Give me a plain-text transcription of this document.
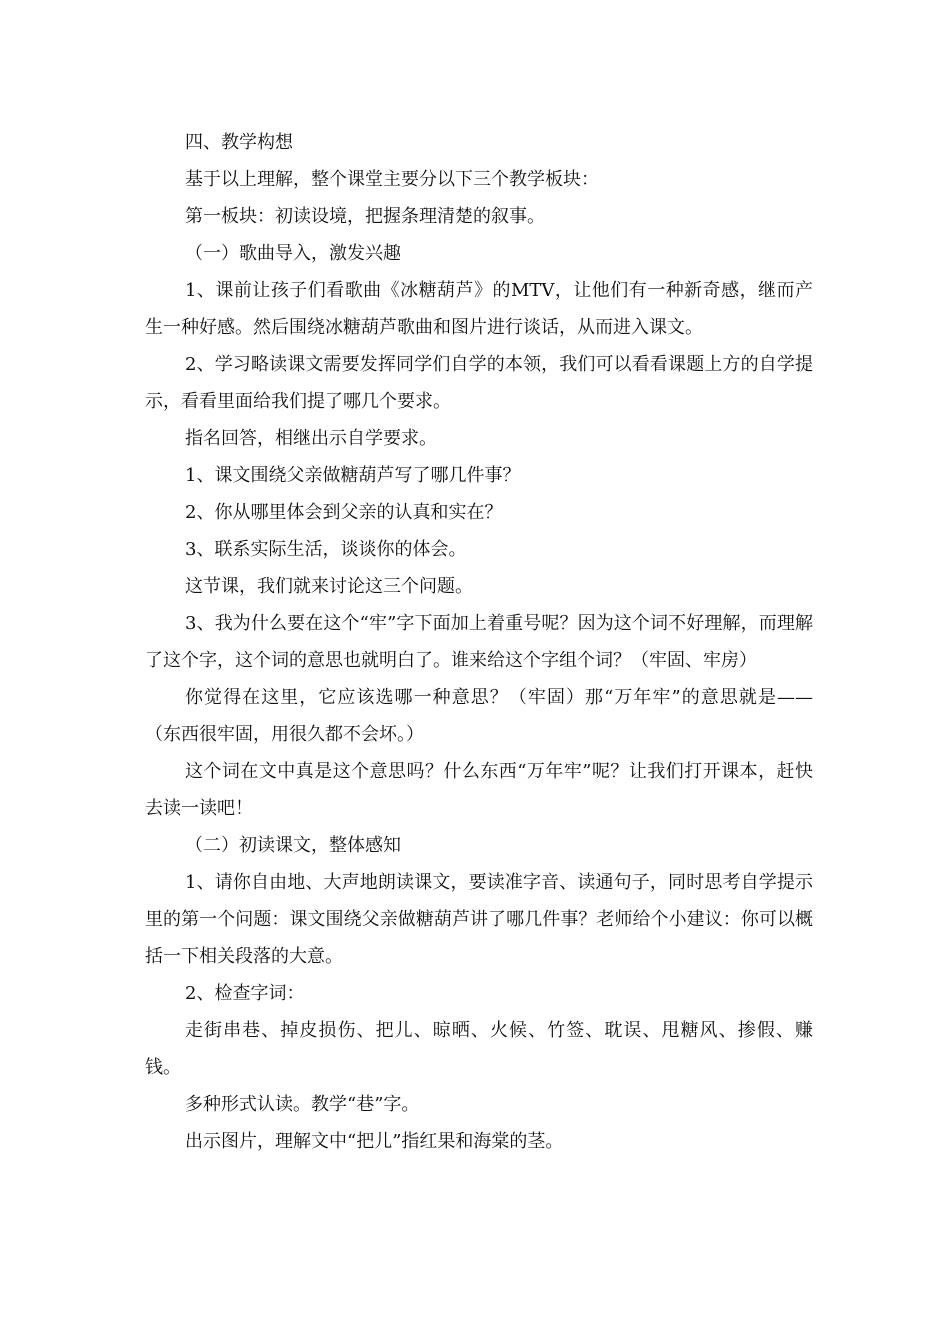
四、教学构想

基于以上理解，整个课堂主要分以下三个教学板块：

第一板块：初读设境，把握条理清楚的叙事。

（一）歌曲导入，激发兴趣

1、课前让孩子们看歌曲《冰糖葫芦》的MTV，让他们有一种新奇感，继而产生一种好感。然后围绕冰糖葫芦歌曲和图片进行谈话，从而进入课文。

2、学习略读课文需要发挥同学们自学的本领，我们可以看看课题上方的自学提示，看看里面给我们提了哪几个要求。

指名回答，相继出示自学要求。

1、课文围绕父亲做糖葫芦写了哪几件事？

2、你从哪里体会到父亲的认真和实在？

3、联系实际生活，谈谈你的体会。

这节课，我们就来讨论这三个问题。

3、我为什么要在这个“牢”字下面加上着重号呢？因为这个词不好理解，而理解了这个字，这个词的意思也就明白了。谁来给这个字组个词？（牢固、牢房）

你觉得在这里，它应该选哪一种意思？（牢固）那“万年牢”的意思就是——（东西很牢固，用很久都不会坏。）

这个词在文中真是这个意思吗？什么东西“万年牢”呢？让我们打开课本，赶快去读一读吧！

（二）初读课文，整体感知

1、请你自由地、大声地朗读课文，要读准字音、读通句子，同时思考自学提示里的第一个问题：课文围绕父亲做糖葫芦讲了哪几件事？老师给个小建议：你可以概括一下相关段落的大意。

2、检查字词：

走街串巷、掉皮损伤、把儿、晾晒、火候、竹签、耽误、甩糖风、掺假、赚钱。

多种形式认读。教学“巷”字。

出示图片，理解文中“把儿”指红果和海棠的茎。
